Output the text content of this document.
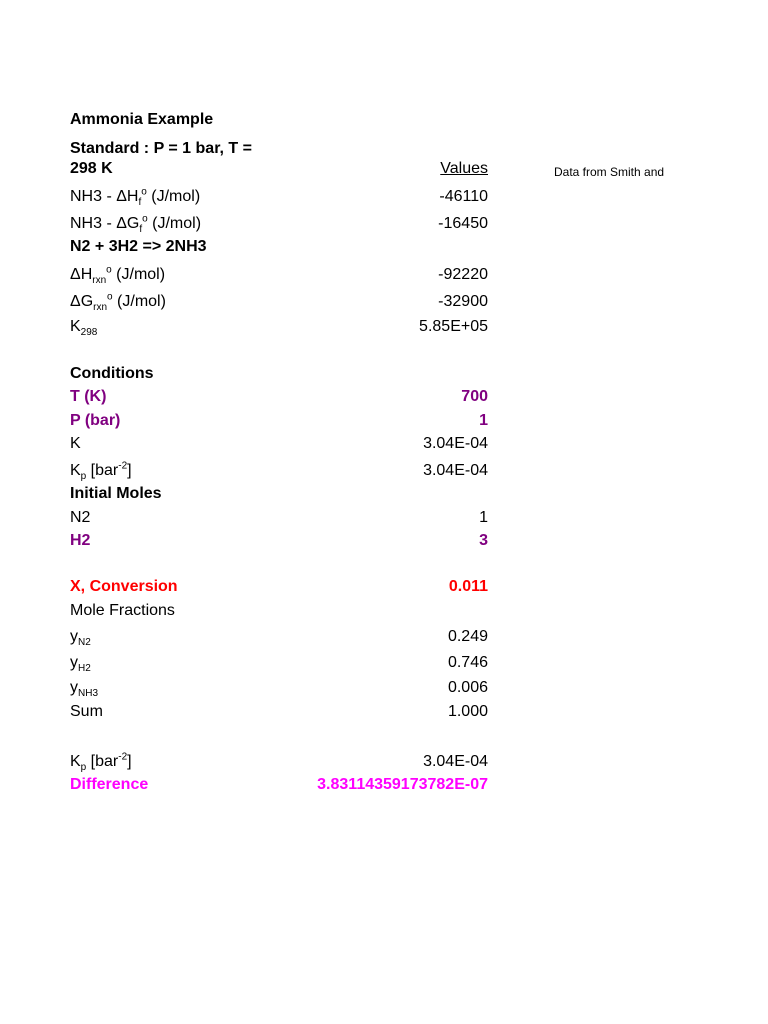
Ammonia Example
Standard : P = 1 bar, T =
298 K	Values	Data from Smith and
$NH3 - \Delta H_f^o$ (J/mol)	-46110
$NH3 - \Delta G_f^o$ (J/mol)	-16450
N2 + 3H2 => 2NH3
$\Delta H_{rxn}^o$ (J/mol)	-92220
$\Delta G_{rxn}^o$ (J/mol)	-32900
$K_{298}$	5.85E+05
Conditions
T (K)	700
P (bar)	1
K	3.04E-04
$K_p$ [bar$^{-2}$]	3.04E-04
Initial Moles
N2	1
H2	3
X, Conversion	0.011
Mole Fractions
$y_{N2}$	0.249
$y_{H2}$	0.746
$y_{NH3}$	0.006
Sum	1.000
$K_p$ [bar$^{-2}$]	3.04E-04
Difference	3.83114359173782E-07
